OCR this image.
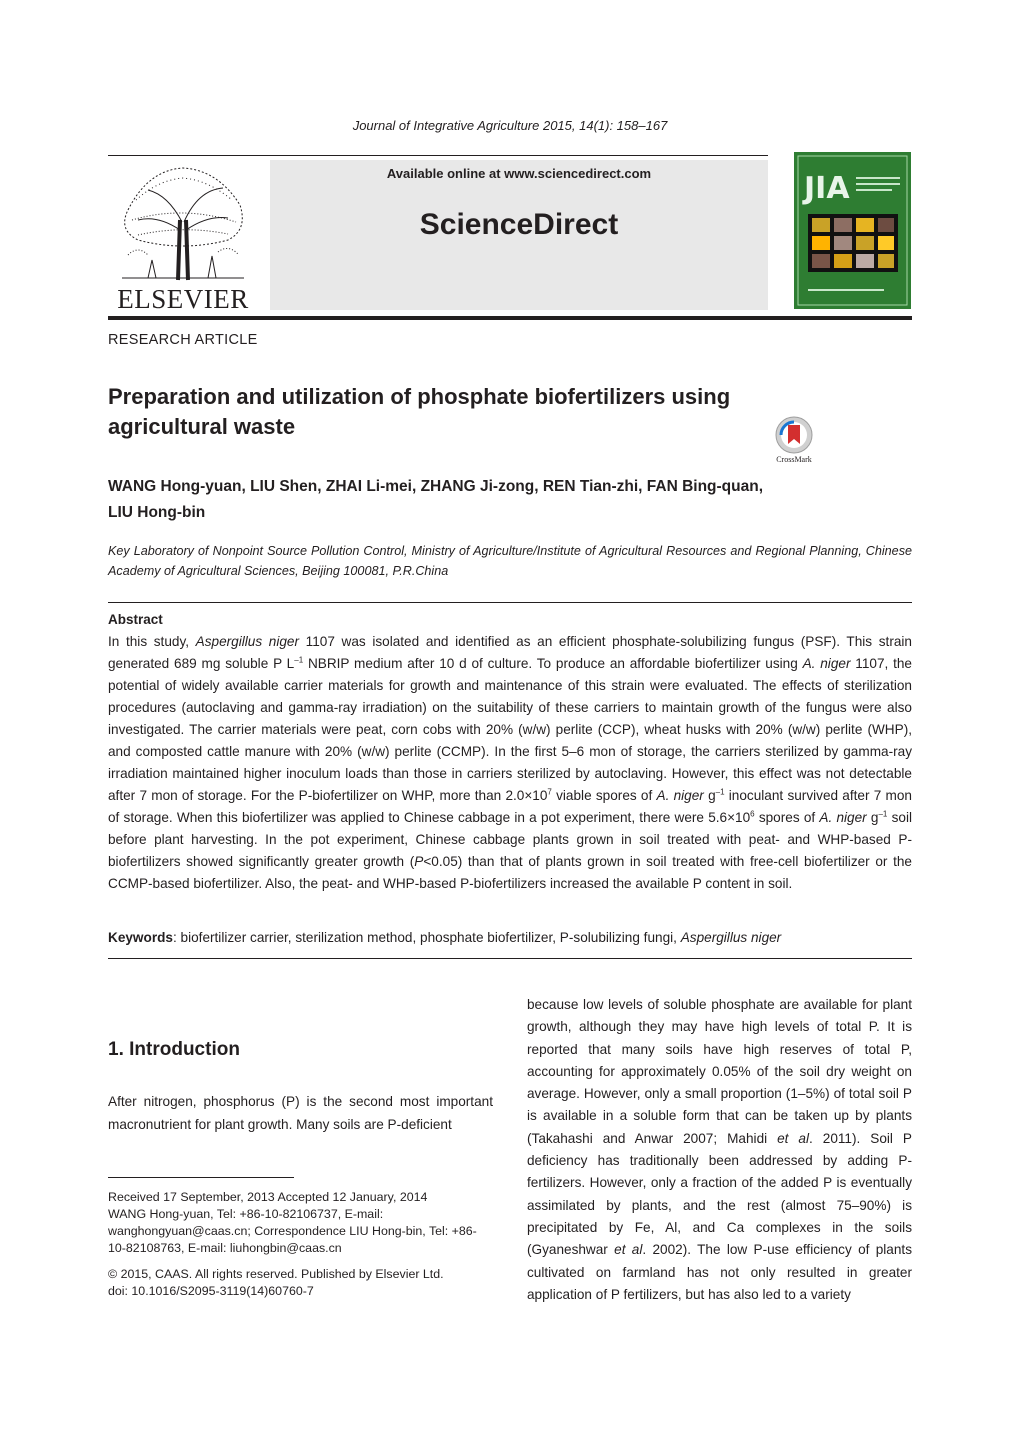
Journal of Integrative Agriculture 2015, 14(1): 158–167
ELSEVIER
Available online at www.sciencedirect.com
ScienceDirect
JIA
RESEARCH ARTICLE
Preparation and utilization of phosphate biofertilizers using agricultural waste
CrossMark
WANG Hong-yuan, LIU Shen, ZHAI Li-mei, ZHANG Ji-zong, REN Tian-zhi, FAN Bing-quan,
LIU Hong-bin
Key Laboratory of Nonpoint Source Pollution Control, Ministry of Agriculture/Institute of Agricultural Resources and Regional Planning, Chinese Academy of Agricultural Sciences, Beijing 100081, P.R.China
Abstract
In this study, Aspergillus niger 1107 was isolated and identified as an efficient phosphate-solubilizing fungus (PSF). This strain generated 689 mg soluble P $L^{-1}$ NBRIP medium after 10 d of culture. To produce an affordable biofertilizer using A. niger 1107, the potential of widely available carrier materials for growth and maintenance of this strain were evaluated. The effects of sterilization procedures (autoclaving and gamma-ray irradiation) on the suitability of these carriers to maintain growth of the fungus were also investigated. The carrier materials were peat, corn cobs with 20% (w/w) perlite (CCP), wheat husks with 20% (w/w) perlite (WHP), and composted cattle manure with 20% (w/w) perlite (CCMP). In the first 5–6 mon of storage, the carriers sterilized by gamma-ray irradiation maintained higher inoculum loads than those in carriers sterilized by autoclaving. However, this effect was not detectable after 7 mon of storage. For the P-biofertilizer on WHP, more than $2.0\times 10^7$ viable spores of A. niger $g^{-1}$ inoculant survived after 7 mon of storage. When this biofertilizer was applied to Chinese cabbage in a pot experiment, there were $5.6\times 10^6$ spores of A. niger $g^{-1}$ soil before plant harvesting. In the pot experiment, Chinese cabbage plants grown in soil treated with peat- and WHP-based P-biofertilizers showed significantly greater growth (P<0.05) than that of plants grown in soil treated with free-cell biofertilizer or the CCMP-based biofertilizer. Also, the peat- and WHP-based P-biofertilizers increased the available P content in soil.
Keywords: biofertilizer carrier, sterilization method, phosphate biofertilizer, P-solubilizing fungi, Aspergillus niger
1. Introduction
After nitrogen, phosphorus (P) is the second most important macronutrient for plant growth. Many soils are P-deficient
Received 17 September, 2013 Accepted 12 January, 2014
WANG Hong-yuan, Tel: +86-10-82106737, E-mail: wanghongyuan@caas.cn; Correspondence LIU Hong-bin, Tel: +86-10-82108763, E-mail: liuhongbin@caas.cn
© 2015, CAAS. All rights reserved. Published by Elsevier Ltd.
doi: 10.1016/S2095-3119(14)60760-7
because low levels of soluble phosphate are available for plant growth, although they may have high levels of total P. It is reported that many soils have high reserves of total P, accounting for approximately 0.05% of the soil dry weight on average. However, only a small proportion (1–5%) of total soil P is available in a soluble form that can be taken up by plants (Takahashi and Anwar 2007; Mahidi et al. 2011). Soil P deficiency has traditionally been addressed by adding P-fertilizers. However, only a fraction of the added P is eventually assimilated by plants, and the rest (almost 75–90%) is precipitated by Fe, Al, and Ca complexes in the soils (Gyaneshwar et al. 2002). The low P-use efficiency of plants cultivated on farmland has not only resulted in greater application of P fertilizers, but has also led to a variety
